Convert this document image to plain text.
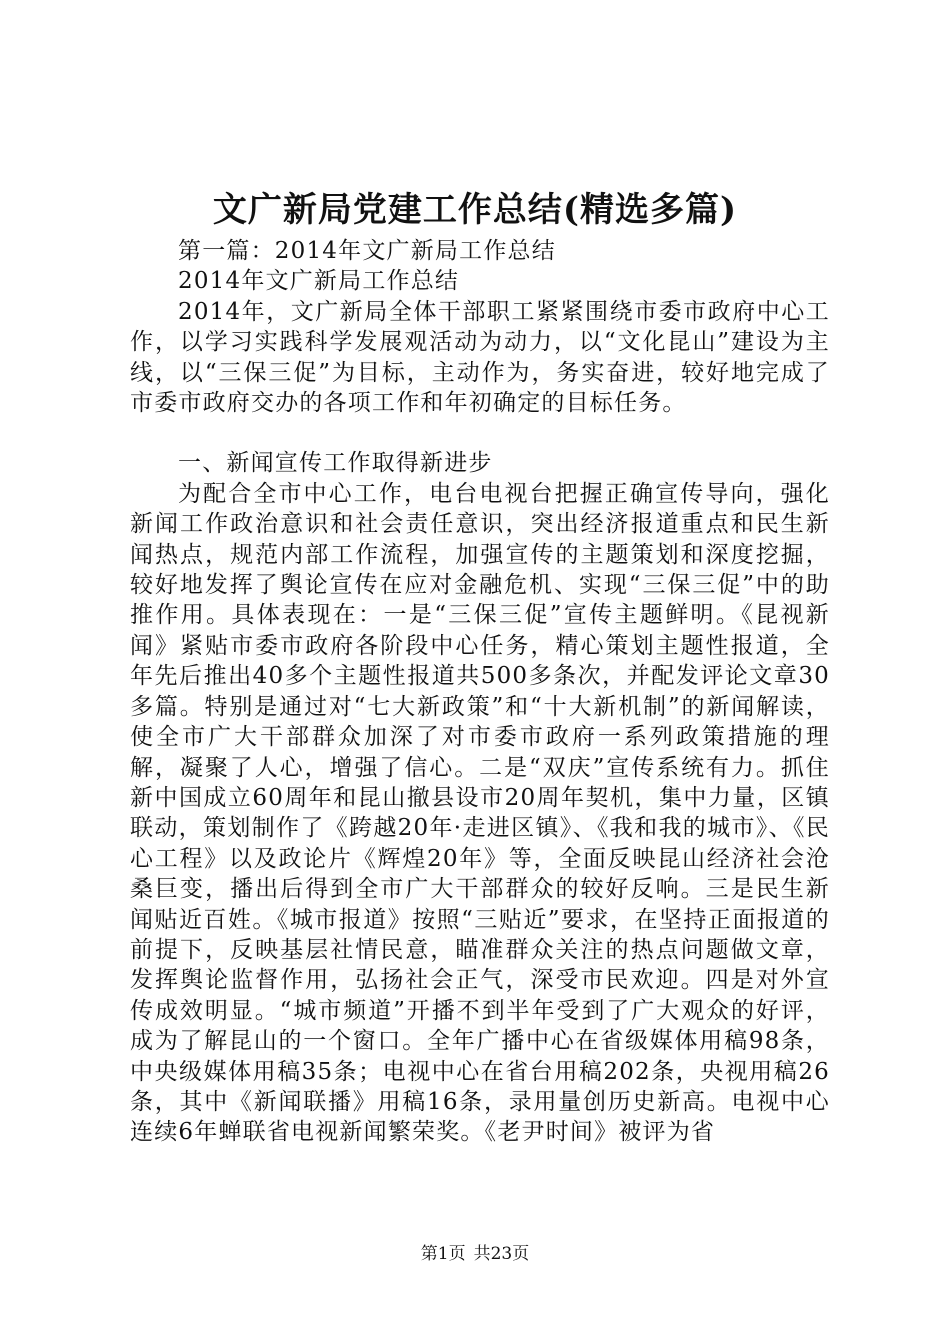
文广新局党建工作总结(精选多篇)

第一篇：2014年文广新局工作总结

2014年文广新局工作总结

2014年，文广新局全体干部职工紧紧围绕市委市政府中心工作，以学习实践科学发展观活动为动力，以“文化昆山”建设为主线，以“三保三促”为目标，主动作为，务实奋进，较好地完成了市委市政府交办的各项工作和年初确定的目标任务。

一、新闻宣传工作取得新进步

为配合全市中心工作，电台电视台把握正确宣传导向，强化新闻工作政治意识和社会责任意识，突出经济报道重点和民生新闻热点，规范内部工作流程，加强宣传的主题策划和深度挖掘，较好地发挥了舆论宣传在应对金融危机、实现“三保三促”中的助推作用。具体表现在：一是“三保三促”宣传主题鲜明。《昆视新闻》紧贴市委市政府各阶段中心任务，精心策划主题性报道，全年先后推出40多个主题性报道共500多条次，并配发评论文章30多篇。特别是通过对“七大新政策”和“十大新机制”的新闻解读，使全市广大干部群众加深了对市委市政府一系列政策措施的理解，凝聚了人心，增强了信心。二是“双庆”宣传系统有力。抓住新中国成立60周年和昆山撤县设市20周年契机，集中力量，区镇联动，策划制作了《跨越20年·走进区镇》、《我和我的城市》、《民心工程》以及政论片《辉煌20年》等，全面反映昆山经济社会沧桑巨变，播出后得到全市广大干部群众的较好反响。三是民生新闻贴近百姓。《城市报道》按照“三贴近”要求，在坚持正面报道的前提下，反映基层社情民意，瞄准群众关注的热点问题做文章，发挥舆论监督作用，弘扬社会正气，深受市民欢迎。四是对外宣传成效明显。“城市频道”开播不到半年受到了广大观众的好评，成为了解昆山的一个窗口。全年广播中心在省级媒体用稿98条，中央级媒体用稿35条；电视中心在省台用稿202条，央视用稿26条，其中《新闻联播》用稿16条，录用量创历史新高。电视中心连续6年蝉联省电视新闻繁荣奖。《老尹时间》被评为省

第1页 共23页
